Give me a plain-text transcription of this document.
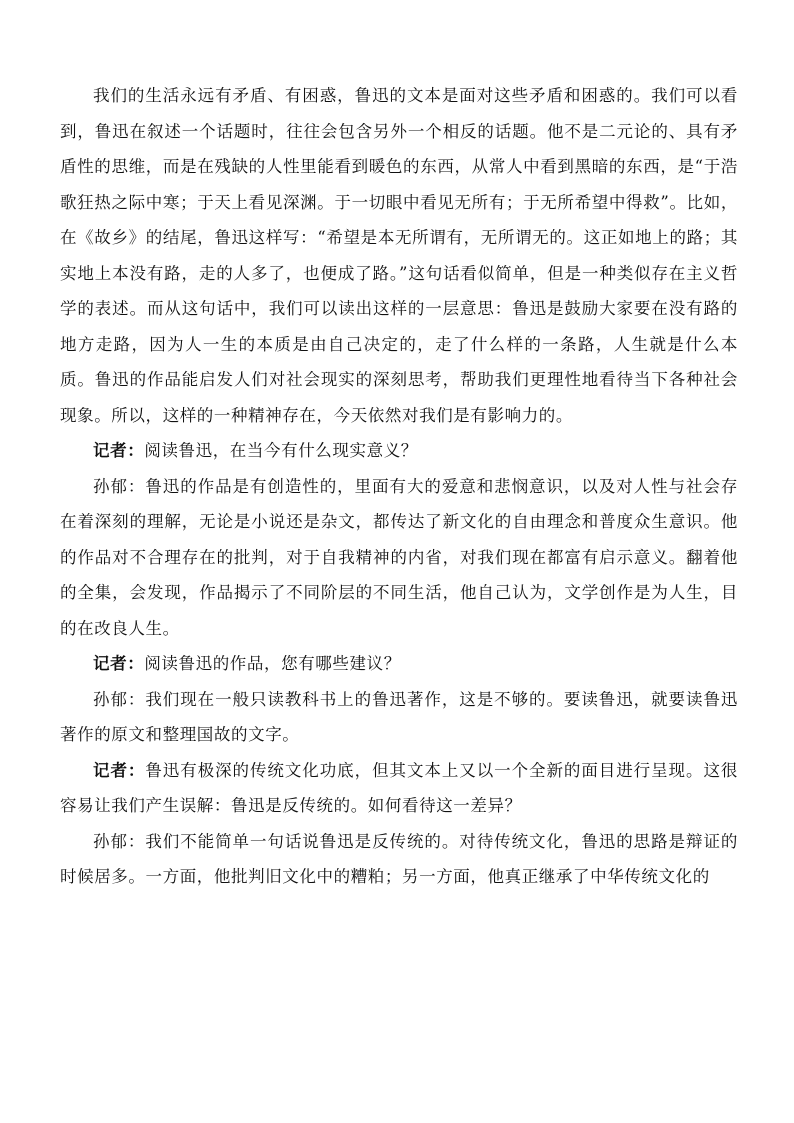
我们的生活永远有矛盾、有困惑，鲁迅的文本是面对这些矛盾和困惑的。我们可以看到，鲁迅在叙述一个话题时，往往会包含另外一个相反的话题。他不是二元论的、具有矛盾性的思维，而是在残缺的人性里能看到暖色的东西，从常人中看到黑暗的东西，是“于浩歌狂热之际中寒；于天上看见深渊。于一切眼中看见无所有；于无所希望中得救”。比如，在《故乡》的结尾，鲁迅这样写：“希望是本无所谓有，无所谓无的。这正如地上的路；其实地上本没有路，走的人多了，也便成了路。”这句话看似简单，但是一种类似存在主义哲学的表述。而从这句话中，我们可以读出这样的一层意思：鲁迅是鼓励大家要在没有路的地方走路，因为人一生的本质是由自己决定的，走了什么样的一条路，人生就是什么本质。鲁迅的作品能启发人们对社会现实的深刻思考，帮助我们更理性地看待当下各种社会现象。所以，这样的一种精神存在，今天依然对我们是有影响力的。

记者：阅读鲁迅，在当今有什么现实意义？

孙郁：鲁迅的作品是有创造性的，里面有大的爱意和悲悯意识，以及对人性与社会存在着深刻的理解，无论是小说还是杂文，都传达了新文化的自由理念和普度众生意识。他的作品对不合理存在的批判，对于自我精神的内省，对我们现在都富有启示意义。翻着他的全集，会发现，作品揭示了不同阶层的不同生活，他自己认为，文学创作是为人生，目的在改良人生。

记者：阅读鲁迅的作品，您有哪些建议？

孙郁：我们现在一般只读教科书上的鲁迅著作，这是不够的。要读鲁迅，就要读鲁迅著作的原文和整理国故的文字。

记者：鲁迅有极深的传统文化功底，但其文本上又以一个全新的面目进行呈现。这很容易让我们产生误解：鲁迅是反传统的。如何看待这一差异？

孙郁：我们不能简单一句话说鲁迅是反传统的。对待传统文化，鲁迅的思路是辩证的时候居多。一方面，他批判旧文化中的糟粕；另一方面，他真正继承了中华传统文化的
